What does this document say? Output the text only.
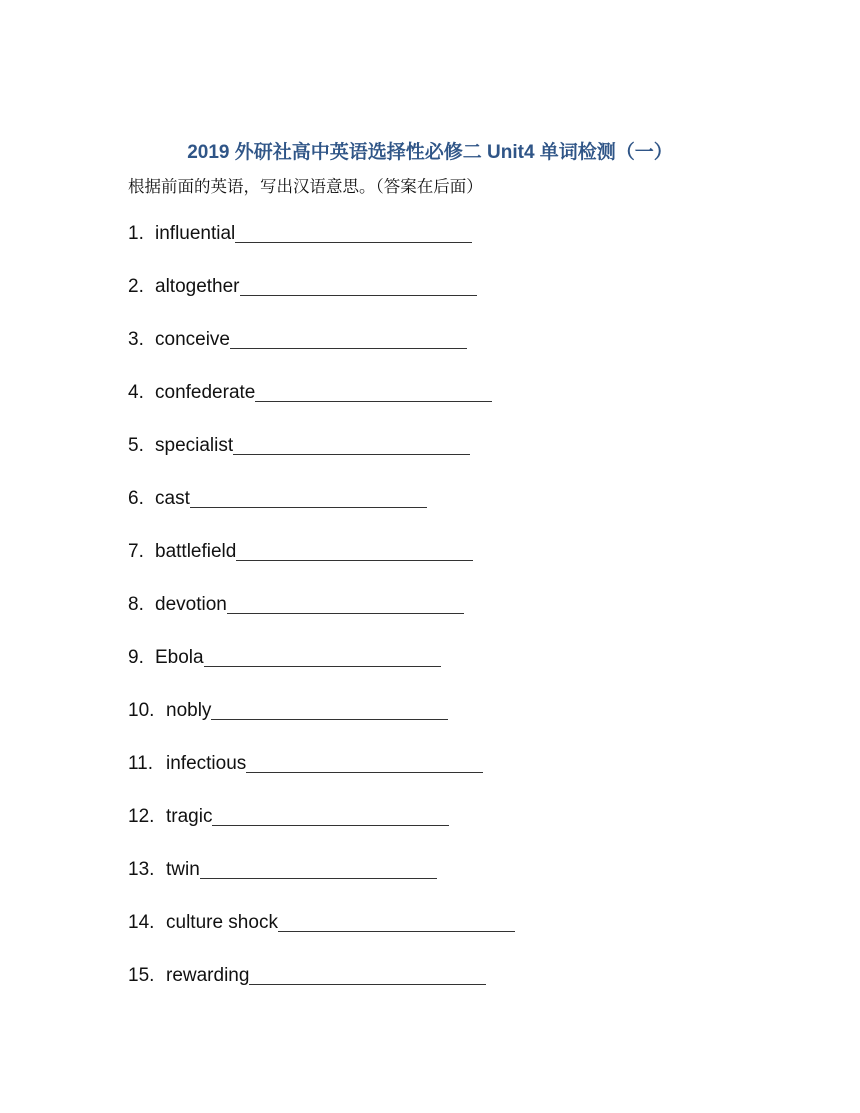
2019 外研社高中英语选择性必修二 Unit4 单词检测（一）
根据前面的英语，写出汉语意思。（答案在后面）
1. influential
2. altogether
3. conceive
4. confederate
5. specialist
6. cast
7. battlefield
8. devotion
9. Ebola
10. nobly
11. infectious
12. tragic
13. twin
14. culture shock
15. rewarding
